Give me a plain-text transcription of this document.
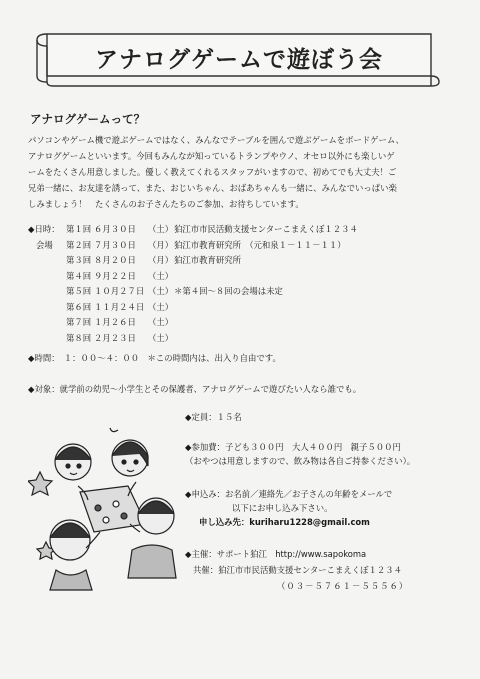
アナログゲームで遊ぼう会
アナログゲームって？
パソコンやゲーム機で遊ぶゲームではなく、みんなでテーブルを囲んで遊ぶゲームをボードゲーム、
アナログゲームといいます。今回もみんなが知っているトランプやウノ、オセロ以外にも楽しいゲ
ームをたくさん用意しました。優しく教えてくれるスタッフがいますので、初めてでも大丈夫！ご
兄弟一緒に、お友達を誘って、また、おじいちゃん、おばあちゃんも一緒に、みんなでいっぱい楽
しみましょう！　たくさんのお子さんたちのご参加、お待ちしています。
◆日時： 第１回 ６月３０日 （土） 狛江市市民活動支援センターこまえくぼ１２３４
会場 第２回 ７月３０日 （月） 狛江市教育研究所　（元和泉１－１１－１１）
第３回 ８月２０日 （月） 狛江市教育研究所
第４回 ９月２２日 （土）
第５回 １０月２７日 （土） ＊第４回～８回の会場は未定
第６回 １１月２４日 （土）
第７回 １月２６日 （土）
第８回 ２月２３日 （土）
◆時間：　１：００～４：００　＊この時間内は、出入り自由です。
◆対象：就学前の幼児～小学生とその保護者、アナログゲームで遊びたい人なら誰でも。
◆定員：１５名
◆参加費：子ども３００円　大人４００円　親子５００円
（おやつは用意しますので、飲み物は各自ご持参ください）。
◆申込み：お名前／連絡先／お子さんの年齢をメールで
以下にお申し込み下さい。
申し込み先：kuriharu1228@gmail.com
◆主催：サポート狛江　http://www.sapokoma
共催：狛江市市民活動支援センターこまえくぼ１２３４
（０３－５７６１－５５５６）
